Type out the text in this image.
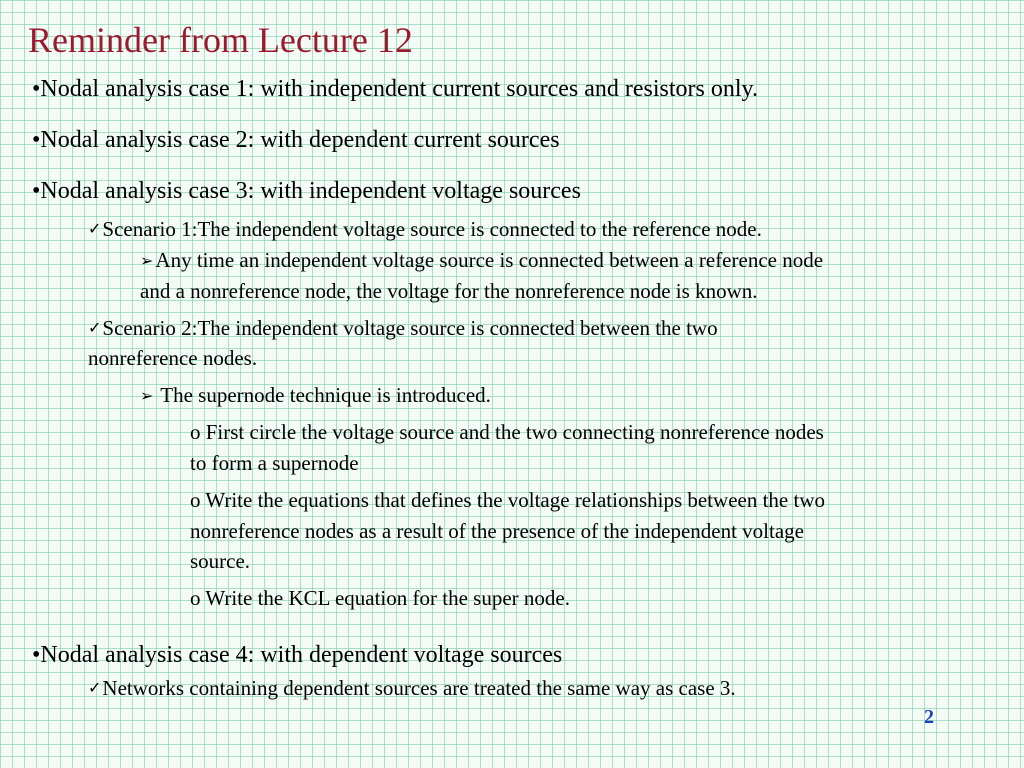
Reminder from Lecture 12
•Nodal analysis case 1: with independent current sources and resistors only.
•Nodal analysis case 2: with dependent current sources
•Nodal analysis case 3: with independent voltage sources
✓Scenario 1:The independent voltage source is connected to the reference node.
➢Any time an independent voltage source is connected between a reference node
and a nonreference node, the voltage for the nonreference node is known.
✓Scenario 2:The independent voltage source is connected between the two
nonreference nodes.
➢ The supernode technique is introduced.
o First circle the voltage source and the two connecting nonreference nodes
to form a supernode
o Write the equations that defines the voltage relationships between the two
nonreference nodes as a result of the presence of the independent voltage
source.
o Write the KCL equation for the super node.
•Nodal analysis case 4: with dependent voltage sources
✓Networks containing dependent sources are treated the same way as case 3.
2
